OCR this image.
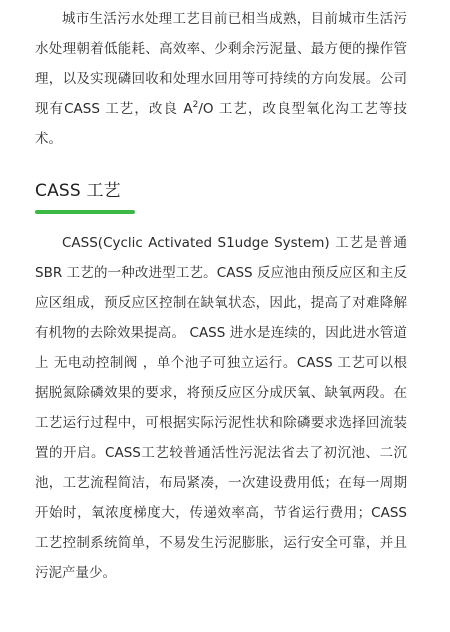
城市生活污水处理工艺目前已相当成熟，目前城市生活污水处理朝着低能耗、高效率、少剩余污泥量、最方便的操作管理，以及实现磷回收和处理水回用等可持续的方向发展。公司现有CASS 工艺，改良 $A^2/O$ 工艺，改良型氧化沟工艺等技术。

CASS 工艺

CASS(Cyclic Activated S1udge System) 工艺是普通SBR 工艺的一种改进型工艺。CASS 反应池由预反应区和主反应区组成，预反应区控制在缺氧状态，因此，提高了对难降解有机物的去除效果提高。 CASS 进水是连续的，因此进水管道上 无电动控制阀 ，单个池子可独立运行。CASS 工艺可以根据脱氮除磷效果的要求，将预反应区分成厌氧、缺氧两段。在工艺运行过程中，可根据实际污泥性状和除磷要求选择回流装置的开启。CASS工艺较普通活性污泥法省去了初沉池、二沉池，工艺流程简洁，布局紧凑，一次建设费用低；在每一周期开始时，氧浓度梯度大，传递效率高，节省运行费用；CASS工艺控制系统简单，不易发生污泥膨胀，运行安全可靠，并且污泥产量少。
